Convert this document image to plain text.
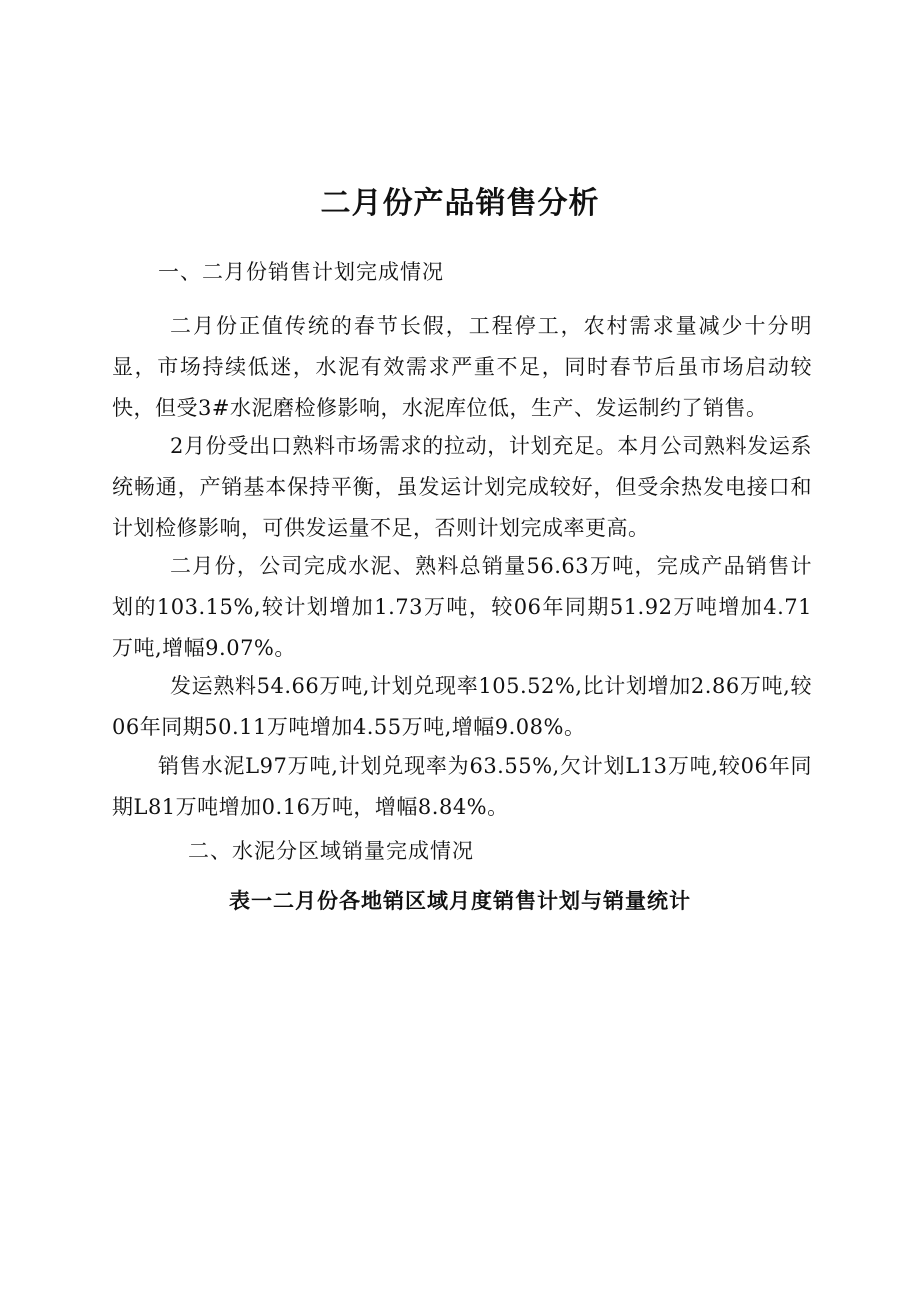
二月份产品销售分析

一、二月份销售计划完成情况

二月份正值传统的春节长假，工程停工，农村需求量减少十分明显，市场持续低迷，水泥有效需求严重不足，同时春节后虽市场启动较快，但受3#水泥磨检修影响，水泥库位低，生产、发运制约了销售。

2月份受出口熟料市场需求的拉动，计划充足。本月公司熟料发运系统畅通，产销基本保持平衡，虽发运计划完成较好，但受余热发电接口和计划检修影响，可供发运量不足，否则计划完成率更高。

二月份，公司完成水泥、熟料总销量56.63万吨，完成产品销售计划的103.15%,较计划增加1.73万吨，较06年同期51.92万吨增加4.71万吨,增幅9.07%。

发运熟料54.66万吨,计划兑现率105.52%,比计划增加2.86万吨,较06年同期50.11万吨增加4.55万吨,增幅9.08%。

销售水泥L97万吨,计划兑现率为63.55%,欠计划L13万吨,较06年同期L81万吨增加0.16万吨，增幅8.84%。

二、水泥分区域销量完成情况

表一二月份各地销区域月度销售计划与销量统计
